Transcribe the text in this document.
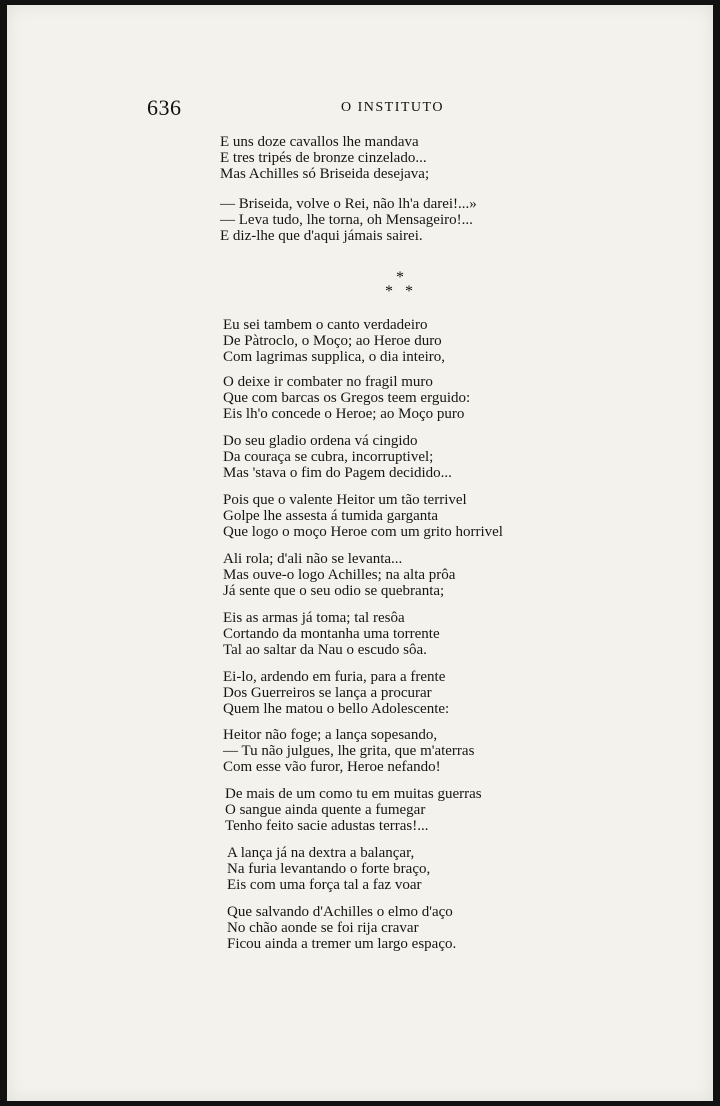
636	O INSTITUTO
E uns doze cavallos lhe mandava
E tres tripés de bronze cinzelado...
Mas Achilles só Briseida desejava;
— Briseida, volve o Rei, não lh'a darei!...»
— Leva tudo, lhe torna, oh Mensageiro!...
E diz-lhe que d'aqui jámais sairei.
*
* *
Eu sei tambem o canto verdadeiro
De Pàtroclo, o Moço; ao Heroe duro
Com lagrimas supplica, o dia inteiro,
O deixe ir combater no fragil muro
Que com barcas os Gregos teem erguido:
Eis lh'o concede o Heroe; ao Moço puro
Do seu gladio ordena vá cingido
Da couraça se cubra, incorruptivel;
Mas 'stava o fim do Pagem decidido...
Pois que o valente Heitor um tão terrivel
Golpe lhe assesta á tumida garganta
Que logo o moço Heroe com um grito horrivel
Ali rola; d'ali não se levanta...
Mas ouve-o logo Achilles; na alta prôa
Já sente que o seu odio se quebranta;
Eis as armas já toma; tal resôa
Cortando da montanha uma torrente
Tal ao saltar da Nau o escudo sôa.
Ei-lo, ardendo em furia, para a frente
Dos Guerreiros se lança a procurar
Quem lhe matou o bello Adolescente:
Heitor não foge; a lança sopesando,
— Tu não julgues, lhe grita, que m'aterras
Com esse vão furor, Heroe nefando!
De mais de um como tu em muitas guerras
O sangue ainda quente a fumegar
Tenho feito sacie adustas terras!...
A lança já na dextra a balançar,
Na furia levantando o forte braço,
Eis com uma força tal a faz voar
Que salvando d'Achilles o elmo d'aço
No chão aonde se foi rija cravar
Ficou ainda a tremer um largo espaço.
